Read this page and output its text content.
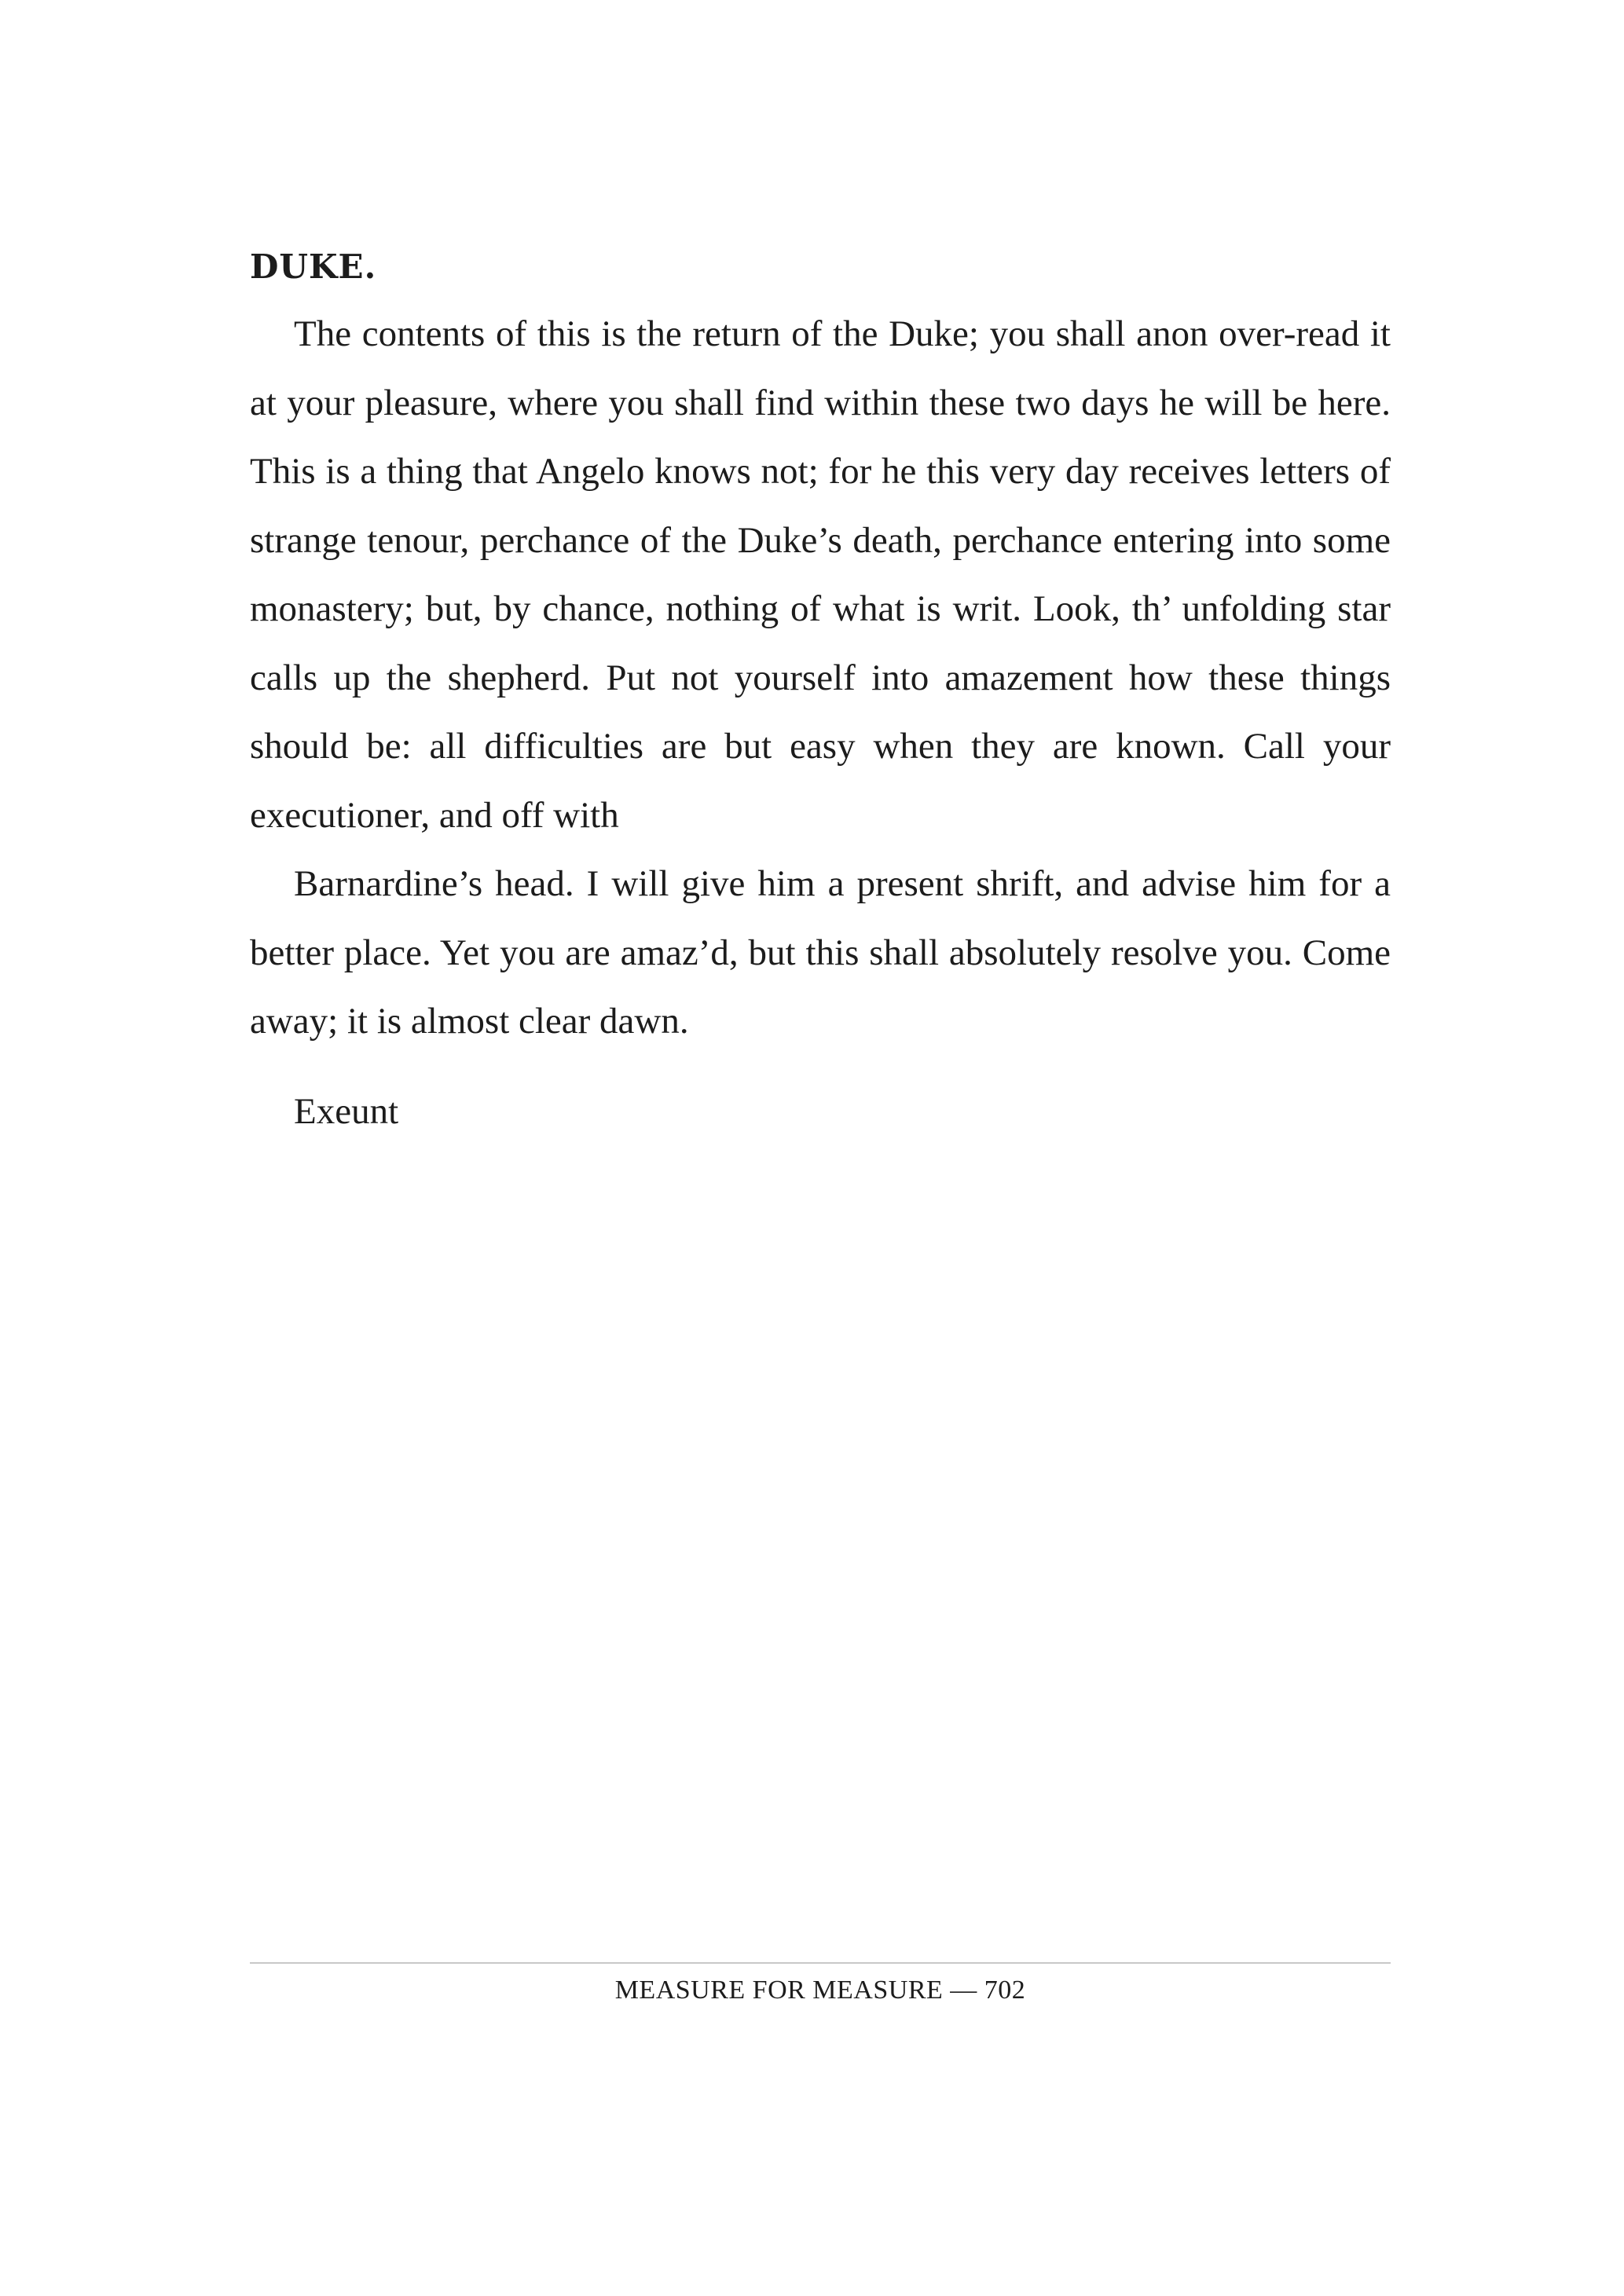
DUKE.

The contents of this is the return of the Duke; you shall anon over-read it at your pleasure, where you shall find within these two days he will be here. This is a thing that Angelo knows not; for he this very day receives letters of strange tenour, perchance of the Duke’s death, perchance entering into some monastery; but, by chance, nothing of what is writ. Look, th’ unfolding star calls up the shepherd. Put not yourself into amazement how these things should be: all difficulties are but easy when they are known. Call your executioner, and off with

Barnardine’s head. I will give him a present shrift, and advise him for a better place. Yet you are amaz’d, but this shall absolutely resolve you. Come away; it is almost clear dawn.

Exeunt
MEASURE FOR MEASURE — 702
